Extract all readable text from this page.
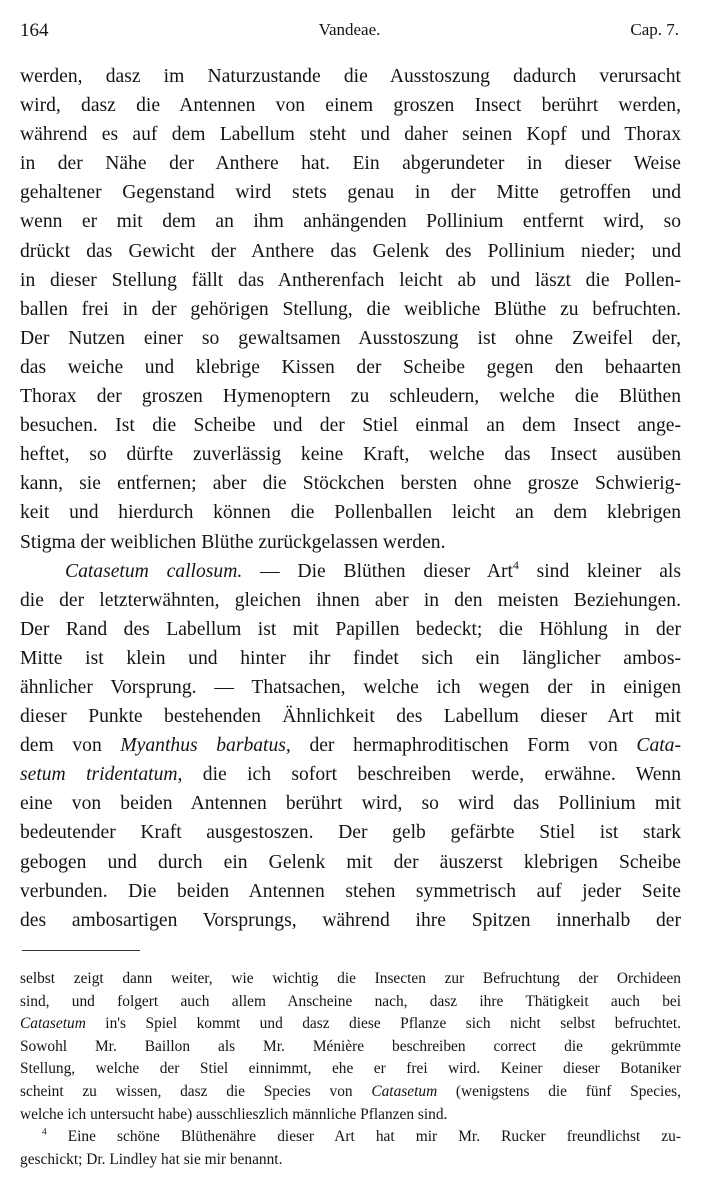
164	Vandeae.	Cap. 7.
werden, dasz im Naturzustande die Ausstoszung dadurch verursacht
wird, dasz die Antennen von einem groszen Insect berührt werden,
während es auf dem Labellum steht und daher seinen Kopf und Thorax
in der Nähe der Anthere hat. Ein abgerundeter in dieser Weise
gehaltener Gegenstand wird stets genau in der Mitte getroffen und
wenn er mit dem an ihm anhängenden Pollinium entfernt wird, so
drückt das Gewicht der Anthere das Gelenk des Pollinium nieder; und
in dieser Stellung fällt das Antherenfach leicht ab und läszt die Pollen-
ballen frei in der gehörigen Stellung, die weibliche Blüthe zu befruchten.
Der Nutzen einer so gewaltsamen Ausstoszung ist ohne Zweifel der,
das weiche und klebrige Kissen der Scheibe gegen den behaarten
Thorax der groszen Hymenoptern zu schleudern, welche die Blüthen
besuchen. Ist die Scheibe und der Stiel einmal an dem Insect ange-
heftet, so dürfte zuverlässig keine Kraft, welche das Insect ausüben
kann, sie entfernen; aber die Stöckchen bersten ohne grosze Schwierig-
keit und hierdurch können die Pollenballen leicht an dem klebrigen
Stigma der weiblichen Blüthe zurückgelassen werden.
Catasetum callosum. — Die Blüthen dieser Art$^4$ sind kleiner als
die der letzterwähnten, gleichen ihnen aber in den meisten Beziehungen.
Der Rand des Labellum ist mit Papillen bedeckt; die Höhlung in der
Mitte ist klein und hinter ihr findet sich ein länglicher ambos-
ähnlicher Vorsprung. — Thatsachen, welche ich wegen der in einigen
dieser Punkte bestehenden Ähnlichkeit des Labellum dieser Art mit
dem von Myanthus barbatus, der hermaphroditischen Form von Cata-
setum tridentatum, die ich sofort beschreiben werde, erwähne. Wenn
eine von beiden Antennen berührt wird, so wird das Pollinium mit
bedeutender Kraft ausgestoszen. Der gelb gefärbte Stiel ist stark
gebogen und durch ein Gelenk mit der äuszerst klebrigen Scheibe
verbunden. Die beiden Antennen stehen symmetrisch auf jeder Seite
des ambosartigen Vorsprungs, während ihre Spitzen innerhalb der
selbst zeigt dann weiter, wie wichtig die Insecten zur Befruchtung der Orchideen
sind, und folgert auch allem Anscheine nach, dasz ihre Thätigkeit auch bei
Catasetum in's Spiel kommt und dasz diese Pflanze sich nicht selbst befruchtet.
Sowohl Mr. Baillon als Mr. Ménière beschreiben correct die gekrümmte
Stellung, welche der Stiel einnimmt, ehe er frei wird. Keiner dieser Botaniker
scheint zu wissen, dasz die Species von Catasetum (wenigstens die fünf Species,
welche ich untersucht habe) ausschlieszlich männliche Pflanzen sind.
$^4$ Eine schöne Blüthenähre dieser Art hat mir Mr. Rucker freundlichst zu-
geschickt; Dr. Lindley hat sie mir benannt.
